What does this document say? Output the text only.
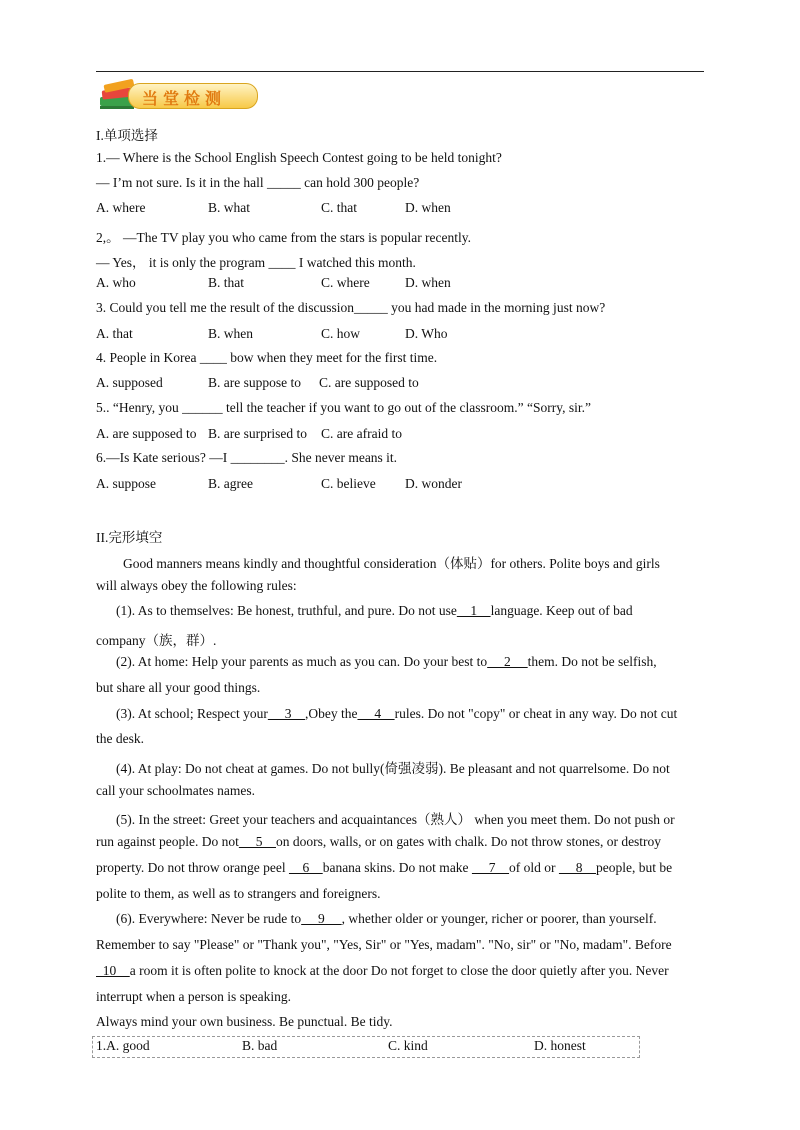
当堂检测
I.单项选择
1.— Where is the School English Speech Contest going to be held tonight?
— I’m not sure. Is it in the hall _____ can hold 300 people?
A. where	B. what	C. that	D. when
2,。 —The TV play you who came from the stars is popular recently.
— Yes， it is only the program ____ I watched this month.
A. who	B. that	C. where	D. when
3. Could you tell me the result of the discussion_____ you had made in the morning just now?
A. that	B. when	C. how	D. Who
4. People in Korea ____ bow when they meet for the first time.
A. supposed	B. are suppose to C. are supposed to
5.. “Henry, you ______ tell the teacher if you want to go out of the classroom.” “Sorry, sir.”
A. are supposed to B. are surprised to C. are afraid to
6.—Is Kate serious? —I ________. She never means it.
A. suppose	B. agree	C. believe D. wonder
II.完形填空
Good manners means kindly and thoughtful consideration（体贴）for others. Polite boys and girls
will always obey the following rules:
(1). As to themselves: Be honest, truthful, and pure. Do not use    1    language. Keep out of bad
company（族，群）.
(2). At home: Help your parents as much as you can. Do your best to     2     them. Do not be selfish,
but share all your good things.
(3). At school; Respect your     3    ,Obey the     4    rules. Do not "copy" or cheat in any way. Do not cut
the desk.
(4). At play: Do not cheat at games. Do not bully(倚强凌弱). Be pleasant and not quarrelsome. Do not
call your schoolmates names.
(5). In the street: Greet your teachers and acquaintances（熟人） when you meet them. Do not push or
run against people. Do not     5    on doors, walls, or on gates with chalk. Do not throw stones, or destroy
property. Do not throw orange peel     6    banana skins. Do not make      7    of old or      8    people, but be
polite to them, as well as to strangers and foreigners.
(6). Everywhere: Never be rude to     9     , whether older or younger, richer or poorer, than yourself.
Remember to say "Please" or "Thank you", "Yes, Sir" or "Yes, madam". "No, sir" or "No, madam". Before
10    a room it is often polite to knock at the door Do not forget to close the door quietly after you. Never
interrupt when a person is speaking.
Always mind your own business. Be punctual. Be tidy.
1.A. good	B. bad	C. kind	D. honest
